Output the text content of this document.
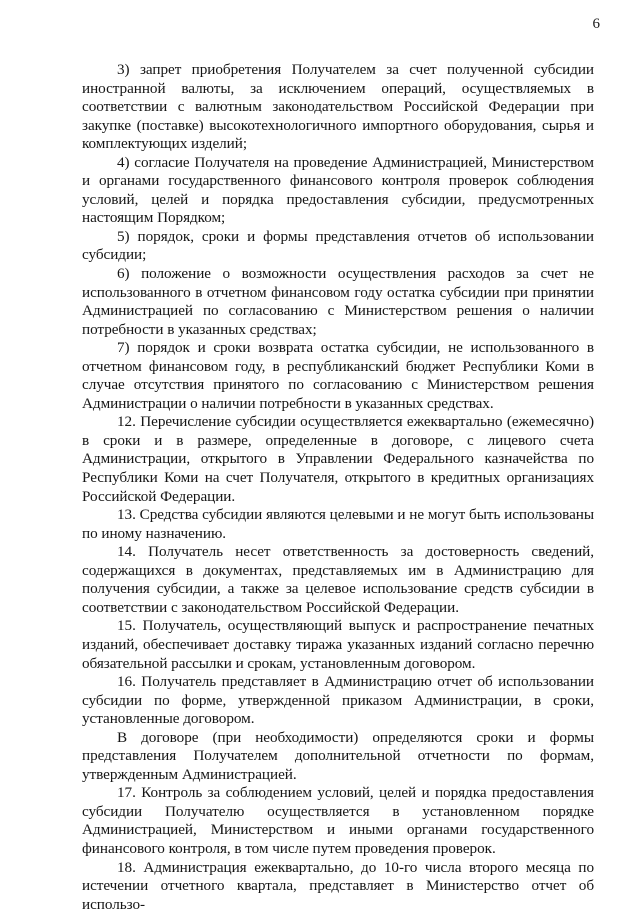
6

3) запрет приобретения Получателем за счет полученной субсидии иностранной валюты, за исключением операций, осуществляемых в соответствии с валютным законодательством Российской Федерации при закупке (поставке) высокотехнологичного импортного оборудования, сырья и комплектующих изделий;

4) согласие Получателя на проведение Администрацией, Министерством и органами государственного финансового контроля проверок соблюдения условий, целей и порядка предоставления субсидии, предусмотренных настоящим Порядком;

5) порядок, сроки и формы представления отчетов об использовании субсидии;

6) положение о возможности осуществления расходов за счет не использованного в отчетном финансовом году остатка субсидии при принятии Администрацией по согласованию с Министерством решения о наличии потребности в указанных средствах;

7) порядок и сроки возврата остатка субсидии, не использованного в отчетном финансовом году, в республиканский бюджет Республики Коми в случае отсутствия принятого по согласованию с Министерством решения Администрации о наличии потребности в указанных средствах.

12. Перечисление субсидии осуществляется ежеквартально (ежемесячно) в сроки и в размере, определенные в договоре, с лицевого счета Администрации, открытого в Управлении Федерального казначейства по Республики Коми на счет Получателя, открытого в кредитных организациях Российской Федерации.

13. Средства субсидии являются целевыми и не могут быть использованы по иному назначению.

14. Получатель несет ответственность за достоверность сведений, содержащихся в документах, представляемых им в Администрацию для получения субсидии, а также за целевое использование средств субсидии в соответствии с законодательством Российской Федерации.

15. Получатель, осуществляющий выпуск и распространение печатных изданий, обеспечивает доставку тиража указанных изданий согласно перечню обязательной рассылки и срокам, установленным договором.

16. Получатель представляет в Администрацию отчет об использовании субсидии по форме, утвержденной приказом Администрации, в сроки, установленные договором.

В договоре (при необходимости) определяются сроки и формы представления Получателем дополнительной отчетности по формам, утвержденным Администрацией.

17. Контроль за соблюдением условий, целей и порядка предоставления субсидии Получателю осуществляется в установленном порядке Администрацией, Министерством и иными органами государственного финансового контроля, в том числе путем проведения проверок.

18. Администрация ежеквартально, до 10-го числа второго месяца по истечении отчетного квартала, представляет в Министерство отчет об использо-
